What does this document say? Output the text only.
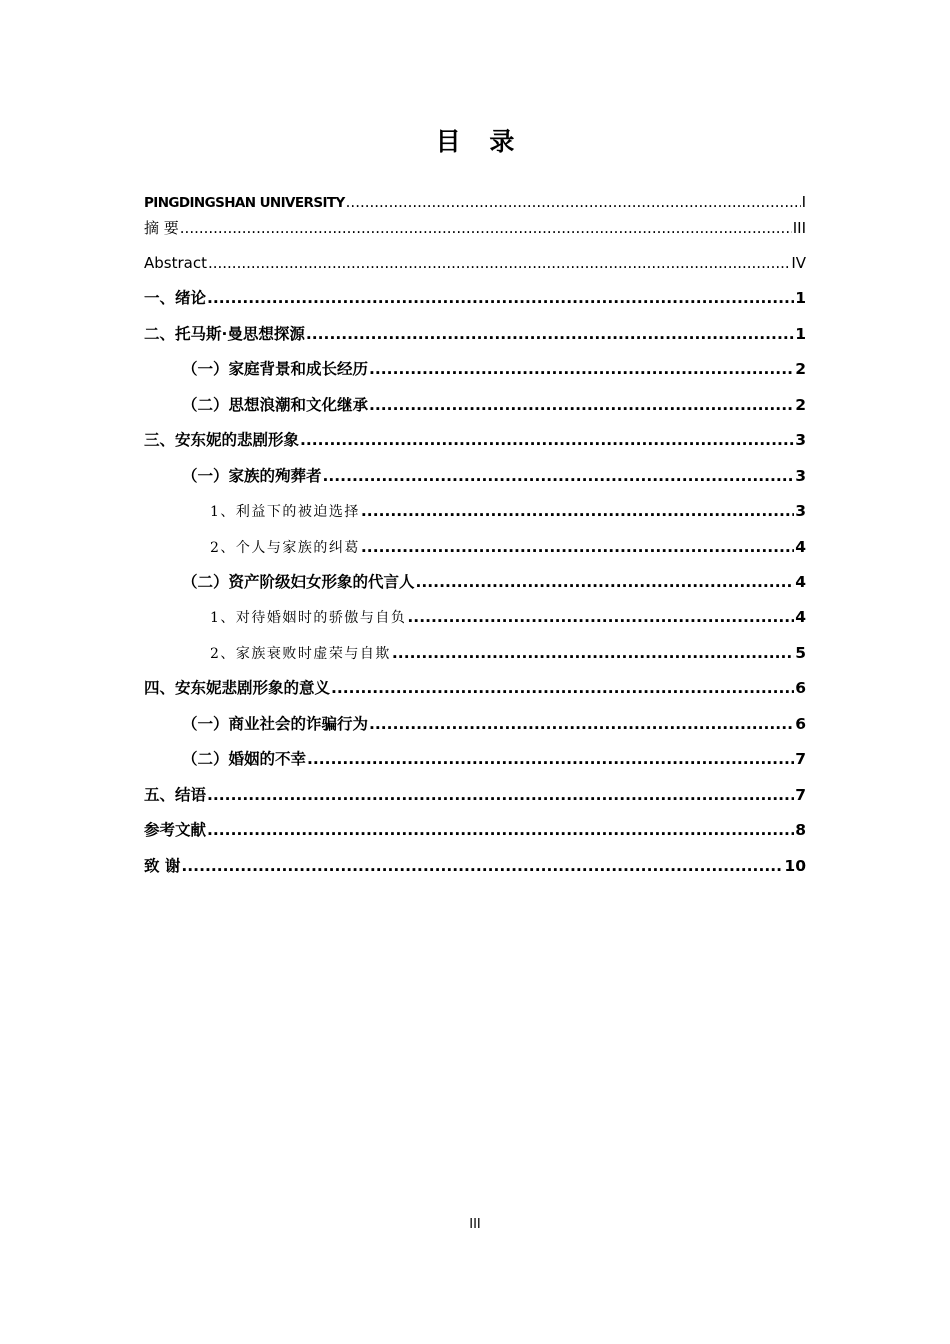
目 录
PINGDINGSHAN UNIVERSITY .....	I
摘 要 .....	III
Abstract .....	IV
一、绪论 .....	1
二、托马斯·曼思想探源 .....	1
（一）家庭背景和成长经历 .....	2
（二）思想浪潮和文化继承 .....	2
三、安东妮的悲剧形象 .....	3
（一）家族的殉葬者 .....	3
1、利益下的被迫选择 .....	3
2、个人与家族的纠葛 .....	4
（二）资产阶级妇女形象的代言人 .....	4
1、对待婚姻时的骄傲与自负 .....	4
2、家族衰败时虚荣与自欺 .....	5
四、安东妮悲剧形象的意义 .....	6
（一）商业社会的诈骗行为 .....	6
（二）婚姻的不幸 .....	7
五、结语 .....	7
参考文献 .....	8
致 谢 .....	10
III
